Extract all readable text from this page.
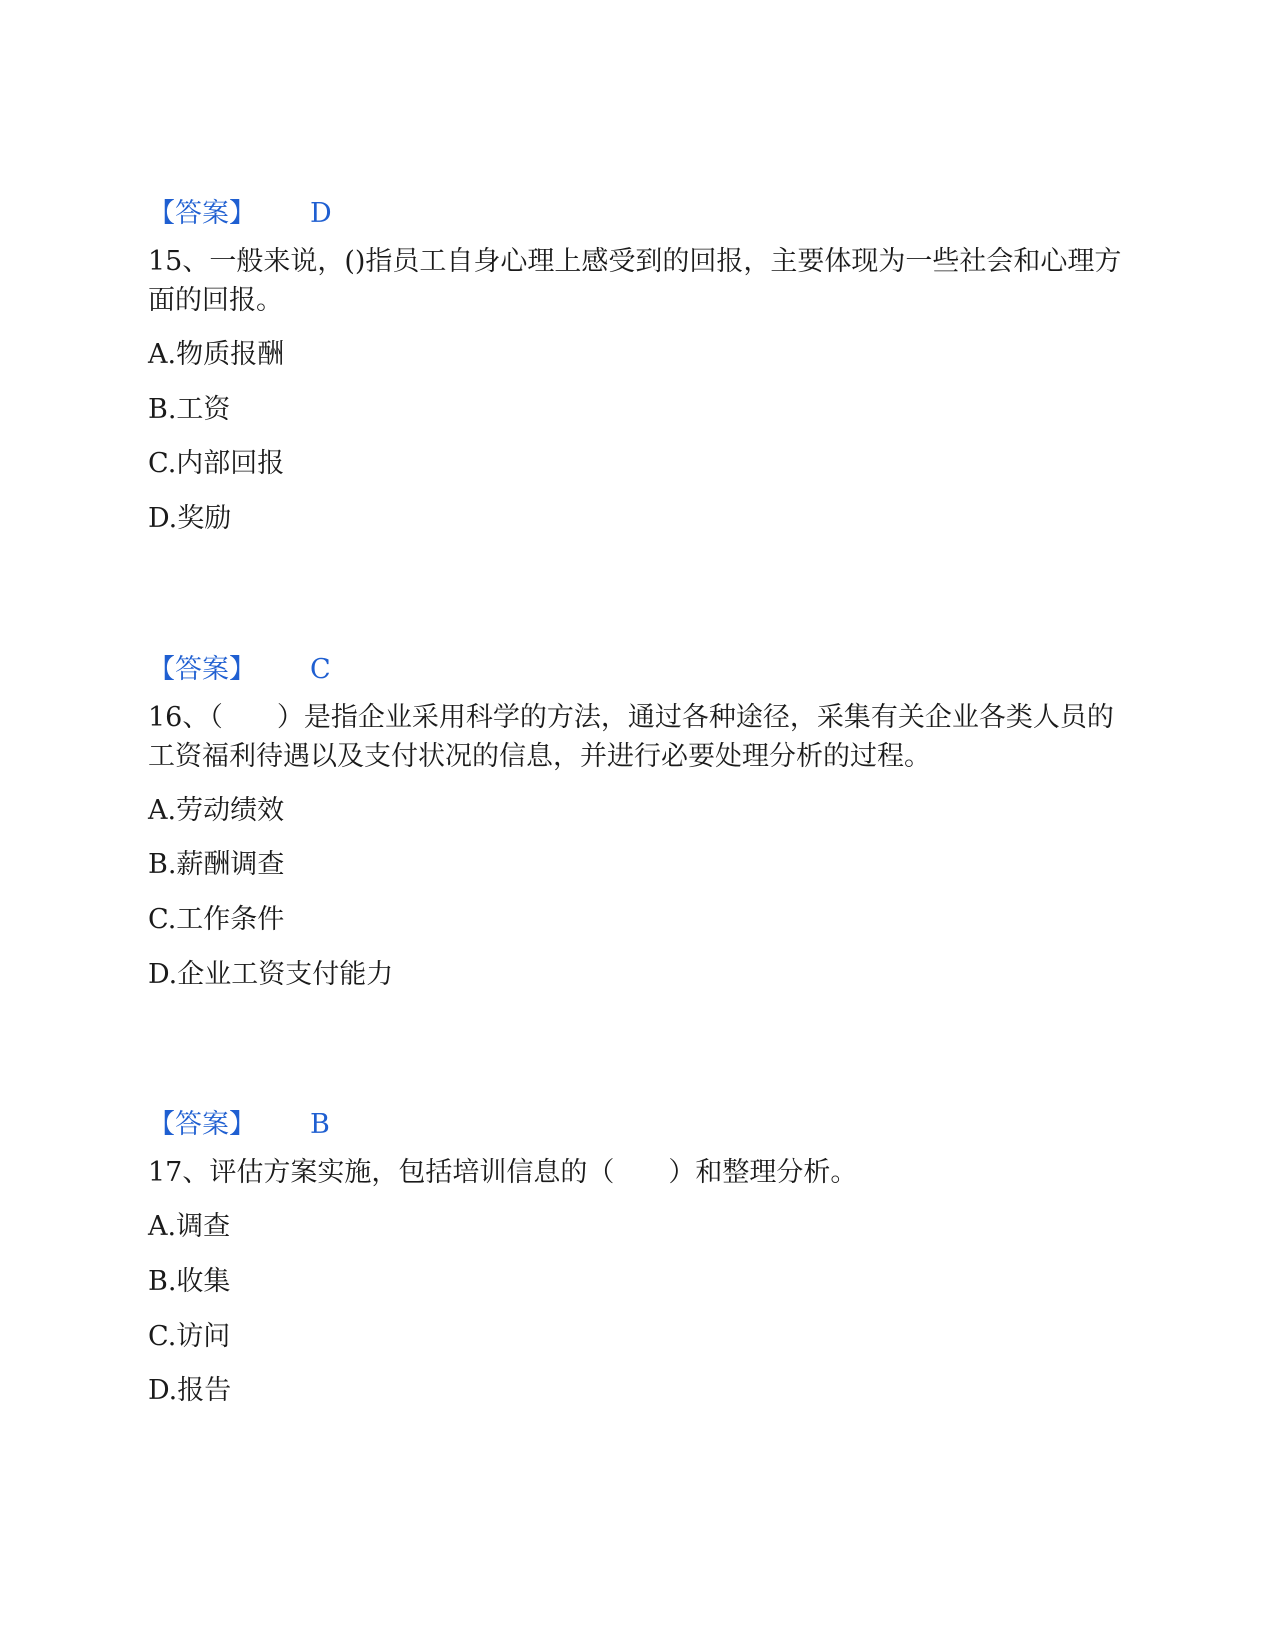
【答案】 D
15、一般来说，()指员工自身心理上感受到的回报，主要体现为一些社会和心理方面的回报。
A.物质报酬
B.工资
C.内部回报
D.奖励
【答案】 C
16、（　　）是指企业采用科学的方法，通过各种途径，采集有关企业各类人员的工资福利待遇以及支付状况的信息，并进行必要处理分析的过程。
A.劳动绩效
B.薪酬调查
C.工作条件
D.企业工资支付能力
【答案】 B
17、评估方案实施，包括培训信息的（　　）和整理分析。
A.调查
B.收集
C.访问
D.报告
